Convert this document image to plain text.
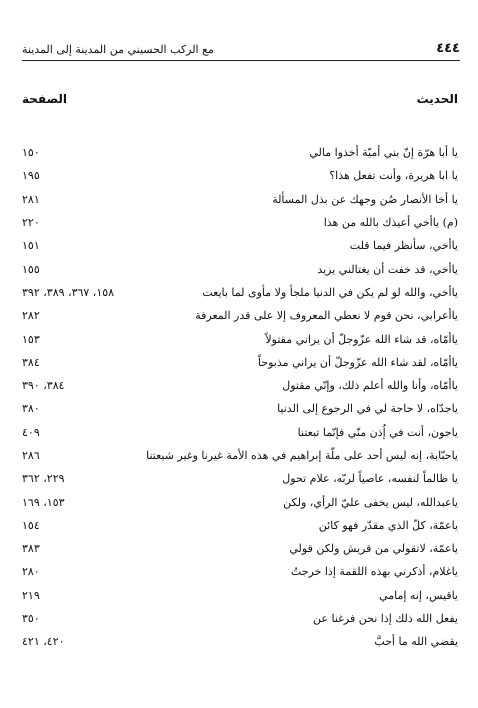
٤٤٤
مع الركب الحسيني من المدينة إلى المدينة
الحديث
الصفحة
يا أبا هرّة إنّ بني أميّة أخذوا مالي
١٥٠
يا ابا هريرة، وأنت تفعل هذا؟
١٩٥
يا أخا الأنصار صُن وجهك عن بذل المسألة
٢٨١
(م) ياأخي أعيذك بالله من هذا
٢٢٠
ياأخي، سأنظر فيما قلت
١٥١
ياأخي، قد خفت أن يغتالني يزيد
١٥٥
ياأخي، والله لو لم يكن في الدنيا ملجأ ولا مأوى لما بايعت
١٥٨، ٣٦٧، ٣٨٩، ٣٩٢
ياأعرابي، نحن قوم لا نعطي المعروف إلا على قدر المعرفة
٢٨٢
ياأمّاه، قد شاء الله عزّوجلّ أن يراني مقتولاً
١٥٣
ياأمّاه، لقد شاء الله عزّوجلّ أن يراني مذبوحاً
٣٨٤
ياأمّاه، وأنا والله أعلم ذلك، وإنّي مقتول
٣٨٤، ٣٩٠
ياجدّاه، لا حاجة لي في الرجوع إلى الدنيا
٣٨٠
ياجون، أنت في إُذن منّي فإنّما تبعتنا
٤٠٩
ياحبّابة، إنه ليس أحد على ملّة إبراهيم في هذه الأمة غيرنا وغير شيعتنا
٢٨٦
يا ظالماً لنفسه، عاصياً لربّه، علام تحول
٢٢٩، ٣٦٢
ياعبدالله، ليس يخفى عليّ الرأي، ولكن
١٥٣، ١٦٩
ياعمّة، كلّ الذي مقدّر فهو كائن
١٥٤
ياعمّة، لاتقولي من قريش ولكن قولي
٣٨٣
ياغلام، أذكرني بهذه اللقمة إذا خرجتُ
٢٨٠
ياقيس، إنه إمامي
٢١٩
يفعل الله ذلك إذا نحن فرغنا عن
٣٥٠
يقضي الله ما أحبَّ
٤٢٠، ٤٢١
